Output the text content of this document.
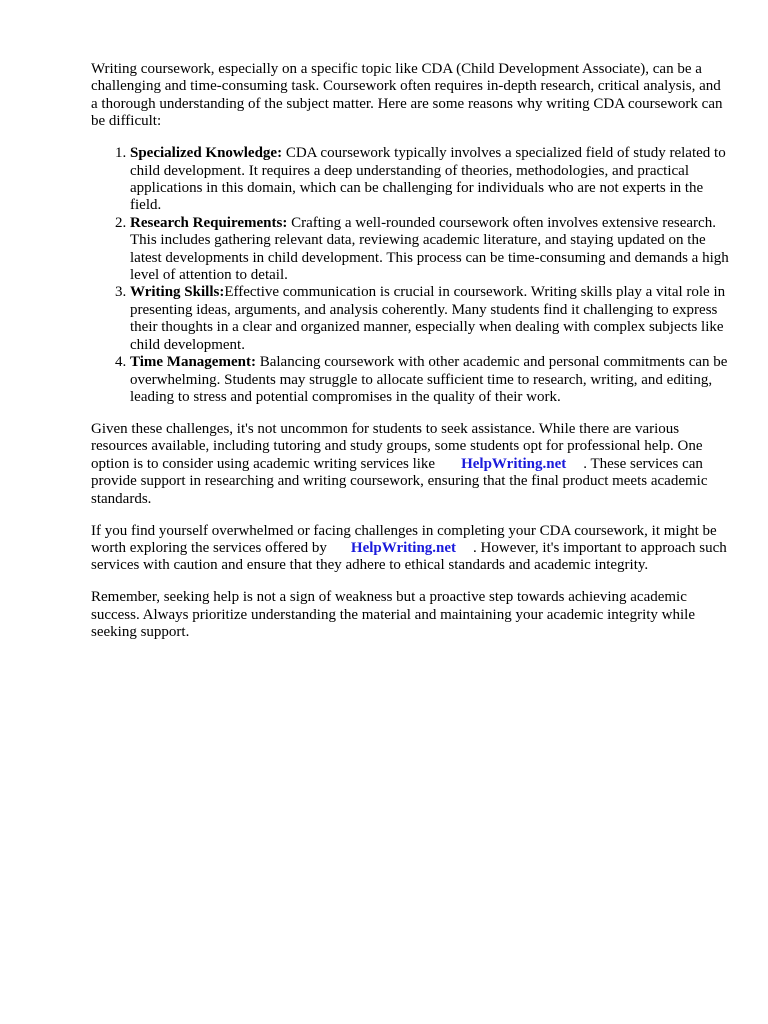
Writing coursework, especially on a specific topic like CDA (Child Development Associate), can be a challenging and time-consuming task. Coursework often requires in-depth research, critical analysis, and a thorough understanding of the subject matter. Here are some reasons why writing CDA coursework can be difficult:

1. Specialized Knowledge: CDA coursework typically involves a specialized field of study related to child development. It requires a deep understanding of theories, methodologies, and practical applications in this domain, which can be challenging for individuals who are not experts in the field.
2. Research Requirements: Crafting a well-rounded coursework often involves extensive research. This includes gathering relevant data, reviewing academic literature, and staying updated on the latest developments in child development. This process can be time-consuming and demands a high level of attention to detail.
3. Writing Skills:Effective communication is crucial in coursework. Writing skills play a vital role in presenting ideas, arguments, and analysis coherently. Many students find it challenging to express their thoughts in a clear and organized manner, especially when dealing with complex subjects like child development.
4. Time Management: Balancing coursework with other academic and personal commitments can be overwhelming. Students may struggle to allocate sufficient time to research, writing, and editing, leading to stress and potential compromises in the quality of their work.

Given these challenges, it's not uncommon for students to seek assistance. While there are various resources available, including tutoring and study groups, some students opt for professional help. One option is to consider using academic writing services like HelpWriting.net . These services can provide support in researching and writing coursework, ensuring that the final product meets academic standards.

If you find yourself overwhelmed or facing challenges in completing your CDA coursework, it might be worth exploring the services offered by HelpWriting.net . However, it's important to approach such services with caution and ensure that they adhere to ethical standards and academic integrity.

Remember, seeking help is not a sign of weakness but a proactive step towards achieving academic success. Always prioritize understanding the material and maintaining your academic integrity while seeking support.
